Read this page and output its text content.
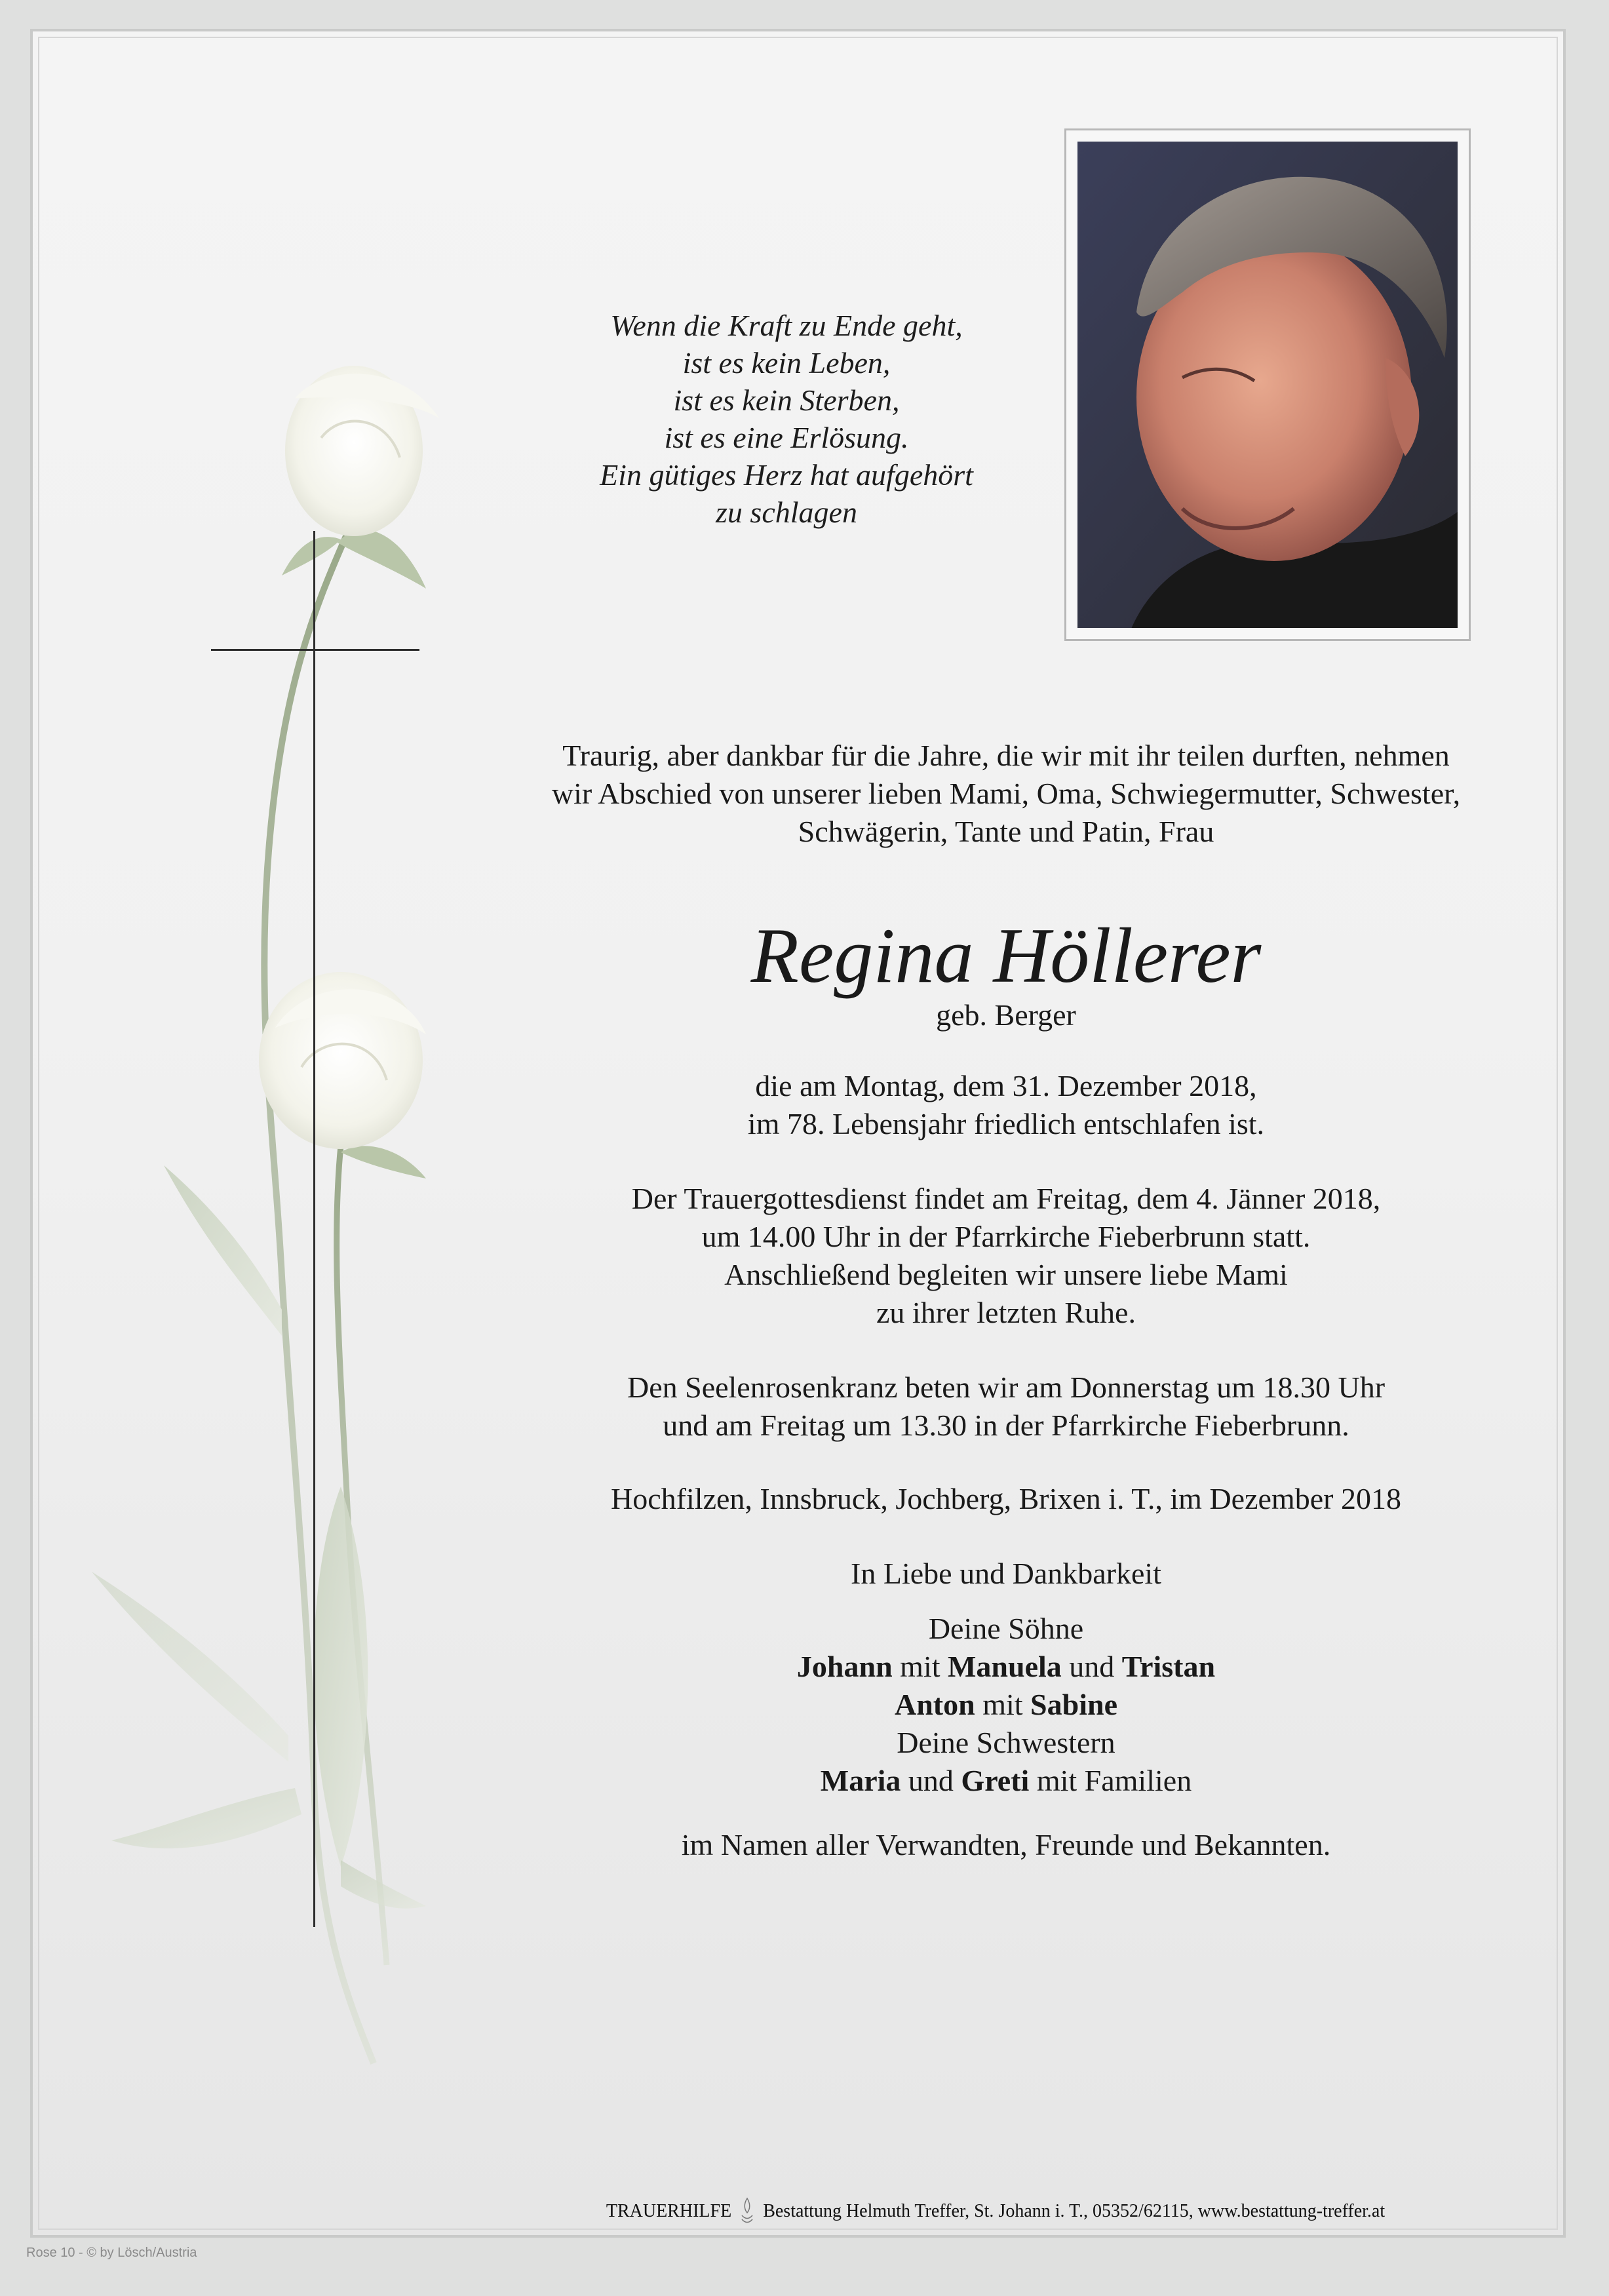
Wenn die Kraft zu Ende geht,
ist es kein Leben,
ist es kein Sterben,
ist es eine Erlösung.
Ein gütiges Herz hat aufgehört
zu schlagen
Traurig, aber dankbar für die Jahre, die wir mit ihr teilen durften, nehmen
wir Abschied von unserer lieben Mami, Oma, Schwiegermutter, Schwester,
Schwägerin, Tante und Patin, Frau
Regina Höllerer
geb. Berger
die am Montag, dem 31. Dezember 2018,
im 78. Lebensjahr friedlich entschlafen ist.
Der Trauergottesdienst findet am Freitag, dem 4. Jänner 2018,
um 14.00 Uhr in der Pfarrkirche Fieberbrunn statt.
Anschließend begleiten wir unsere liebe Mami
zu ihrer letzten Ruhe.
Den Seelenrosenkranz beten wir am Donnerstag um 18.30 Uhr
und am Freitag um 13.30 in der Pfarrkirche Fieberbrunn.
Hochfilzen, Innsbruck, Jochberg, Brixen i. T., im Dezember 2018
In Liebe und Dankbarkeit
Deine Söhne
Johann mit Manuela und Tristan
Anton mit Sabine
Deine Schwestern
Maria und Greti mit Familien
im Namen aller Verwandten, Freunde und Bekannten.
TRAUERHILFE Bestattung Helmuth Treffer, St. Johann i. T., 05352/62115, www.bestattung-treffer.at
Rose 10 - © by Lösch/Austria
